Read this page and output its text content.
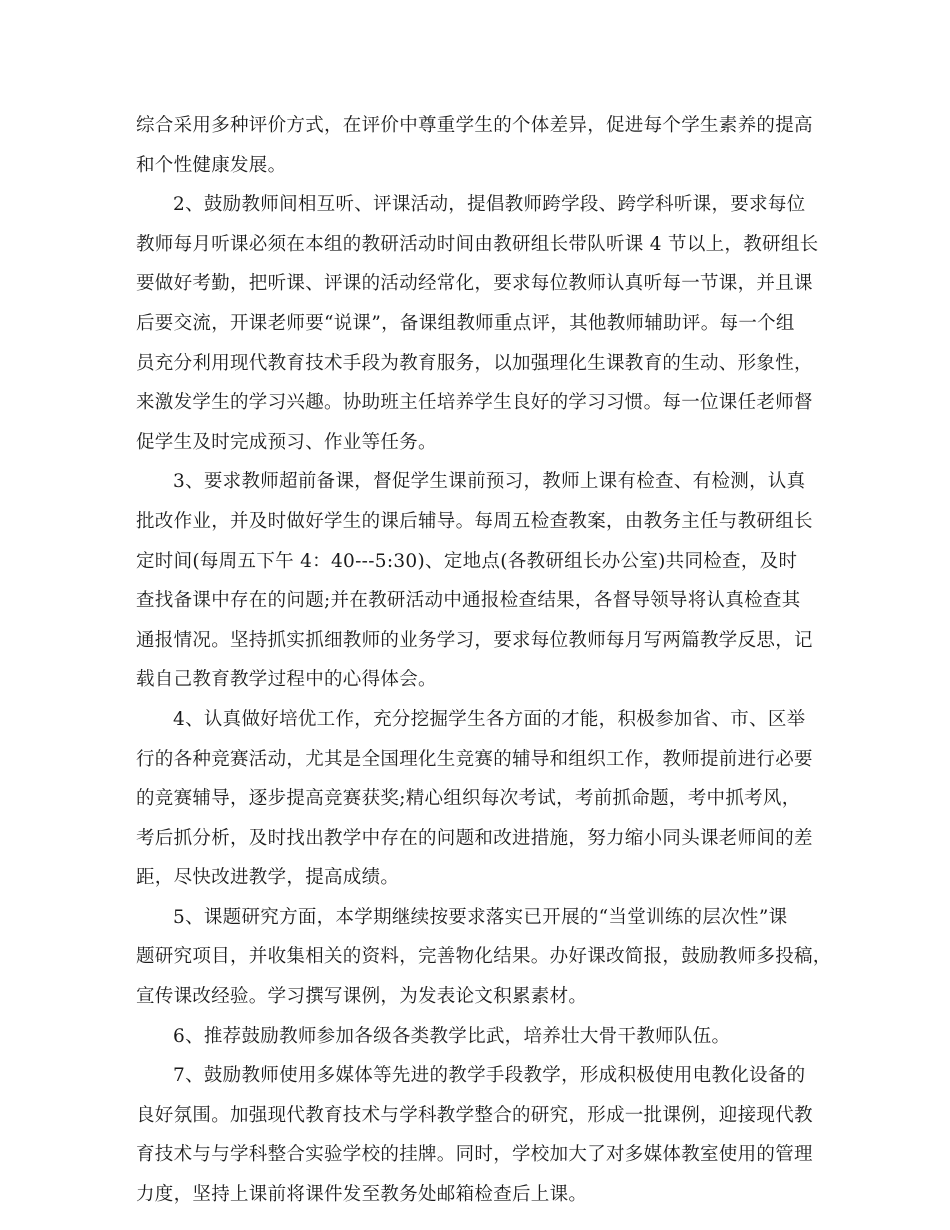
综合采用多种评价方式，在评价中尊重学生的个体差异，促进每个学生素养的提高
和个性健康发展。
2、鼓励教师间相互听、评课活动，提倡教师跨学段、跨学科听课，要求每位
教师每月听课必须在本组的教研活动时间由教研组长带队听课 4 节以上，教研组长
要做好考勤，把听课、评课的活动经常化，要求每位教师认真听每一节课，并且课
后要交流，开课老师要“说课”，备课组教师重点评，其他教师辅助评。每一个组
员充分利用现代教育技术手段为教育服务，以加强理化生课教育的生动、形象性，
来激发学生的学习兴趣。协助班主任培养学生良好的学习习惯。每一位课任老师督
促学生及时完成预习、作业等任务。
3、要求教师超前备课，督促学生课前预习，教师上课有检查、有检测，认真
批改作业，并及时做好学生的课后辅导。每周五检查教案，由教务主任与教研组长
定时间(每周五下午 4：40---5:30)、定地点(各教研组长办公室)共同检查，及时
查找备课中存在的问题;并在教研活动中通报检查结果，各督导领导将认真检查其
通报情况。坚持抓实抓细教师的业务学习，要求每位教师每月写两篇教学反思，记
载自己教育教学过程中的心得体会。
4、认真做好培优工作，充分挖掘学生各方面的才能，积极参加省、市、区举
行的各种竞赛活动，尤其是全国理化生竞赛的辅导和组织工作，教师提前进行必要
的竞赛辅导，逐步提高竞赛获奖;精心组织每次考试，考前抓命题，考中抓考风，
考后抓分析，及时找出教学中存在的问题和改进措施，努力缩小同头课老师间的差
距，尽快改进教学，提高成绩。
5、课题研究方面，本学期继续按要求落实已开展的“当堂训练的层次性”课
题研究项目，并收集相关的资料，完善物化结果。办好课改简报，鼓励教师多投稿，
宣传课改经验。学习撰写课例，为发表论文积累素材。
6、推荐鼓励教师参加各级各类教学比武，培养壮大骨干教师队伍。
7、鼓励教师使用多媒体等先进的教学手段教学，形成积极使用电教化设备的
良好氛围。加强现代教育技术与学科教学整合的研究，形成一批课例，迎接现代教
育技术与与学科整合实验学校的挂牌。同时，学校加大了对多媒体教室使用的管理
力度，坚持上课前将课件发至教务处邮箱检查后上课。
